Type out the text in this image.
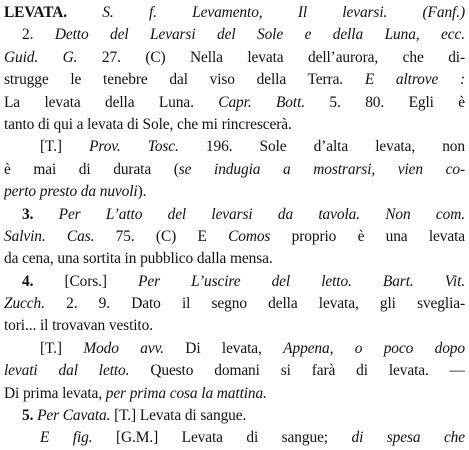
LEVATA. S. f. Levamento, Il levarsi. (Fanf.)
2. Detto del Levarsi del Sole e della Luna, ecc.
Guid. G. 27. (C) Nella levata dell’aurora, che di-
strugge le tenebre dal viso della Terra. E altrove :
La levata della Luna. Capr. Bott. 5. 80. Egli è
tanto di qui a levata di Sole, che mi rincrescerà.
[T.] Prov. Tosc. 196. Sole d’alta levata, non
è mai di durata (se indugia a mostrarsi, vien co-
perto presto da nuvoli).
3. Per L’atto del levarsi da tavola. Non com.
Salvin. Cas. 75. (C) E Comos proprio è una levata
da cena, una sortita in pubblico dalla mensa.
4. [Cors.] Per L’uscire del letto. Bart. Vit.
Zucch. 2. 9. Dato il segno della levata, gli sveglia-
tori... il trovavan vestito.
[T.] Modo avv. Di levata, Appena, o poco dopo
levati dal letto. Questo domani si farà di levata. —
Di prima levata, per prima cosa la mattina.
5. Per Cavata. [T.] Levata di sangue.
E fig. [G.M.] Levata di sangue; di spesa che
